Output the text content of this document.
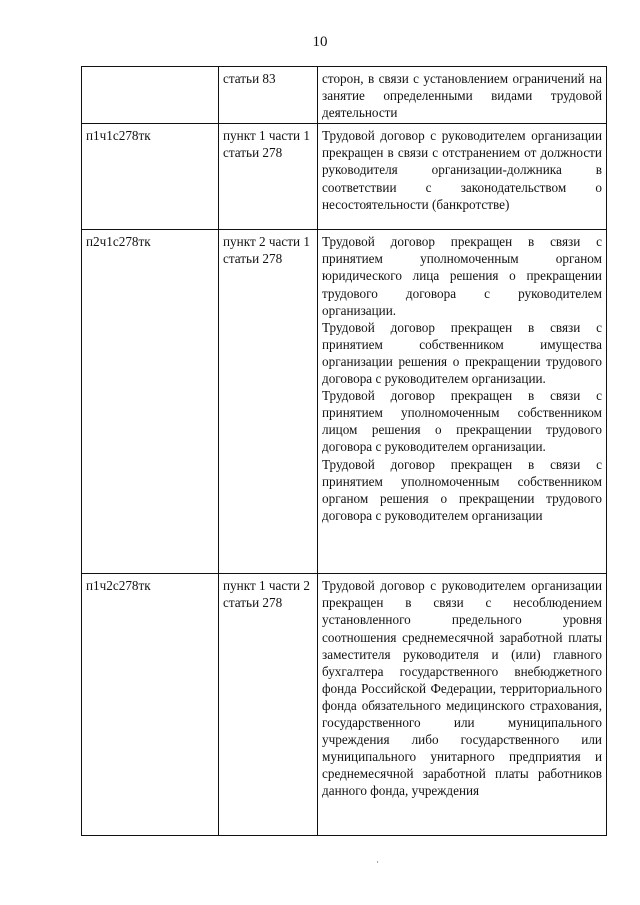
10
	статьи 83	сторон, в связи с установлением ограничений на занятие определенными видами трудовой деятельности

п1ч1с278тк	пункт 1 части 1 статьи 278	Трудовой договор с руководителем организации прекращен в связи с отстранением от должности руководителя организации-должника в соответствии с законодательством о несостоятельности (банкротстве)

п2ч1с278тк	пункт 2 части 1 статьи 278	Трудовой договор прекращен в связи с принятием уполномоченным органом юридического лица решения о прекращении трудового договора с руководителем организации.
Трудовой договор прекращен в связи с принятием собственником имущества организации решения о прекращении трудового договора с руководителем организации.
Трудовой договор прекращен в связи с принятием уполномоченным собственником лицом решения о прекращении трудового договора с руководителем организации.
Трудовой договор прекращен в связи с принятием уполномоченным собственником органом решения о прекращении трудового договора с руководителем организации

п1ч2с278тк	пункт 1 части 2 статьи 278	Трудовой договор с руководителем организации прекращен в связи с несоблюдением установленного предельного уровня соотношения среднемесячной заработной платы заместителя руководителя и (или) главного бухгалтера государственного внебюджетного фонда Российской Федерации, территориального фонда обязательного медицинского страхования, государственного или муниципального учреждения либо государственного или муниципального унитарного предприятия и среднемесячной заработной платы работников данного фонда, учреждения
·
